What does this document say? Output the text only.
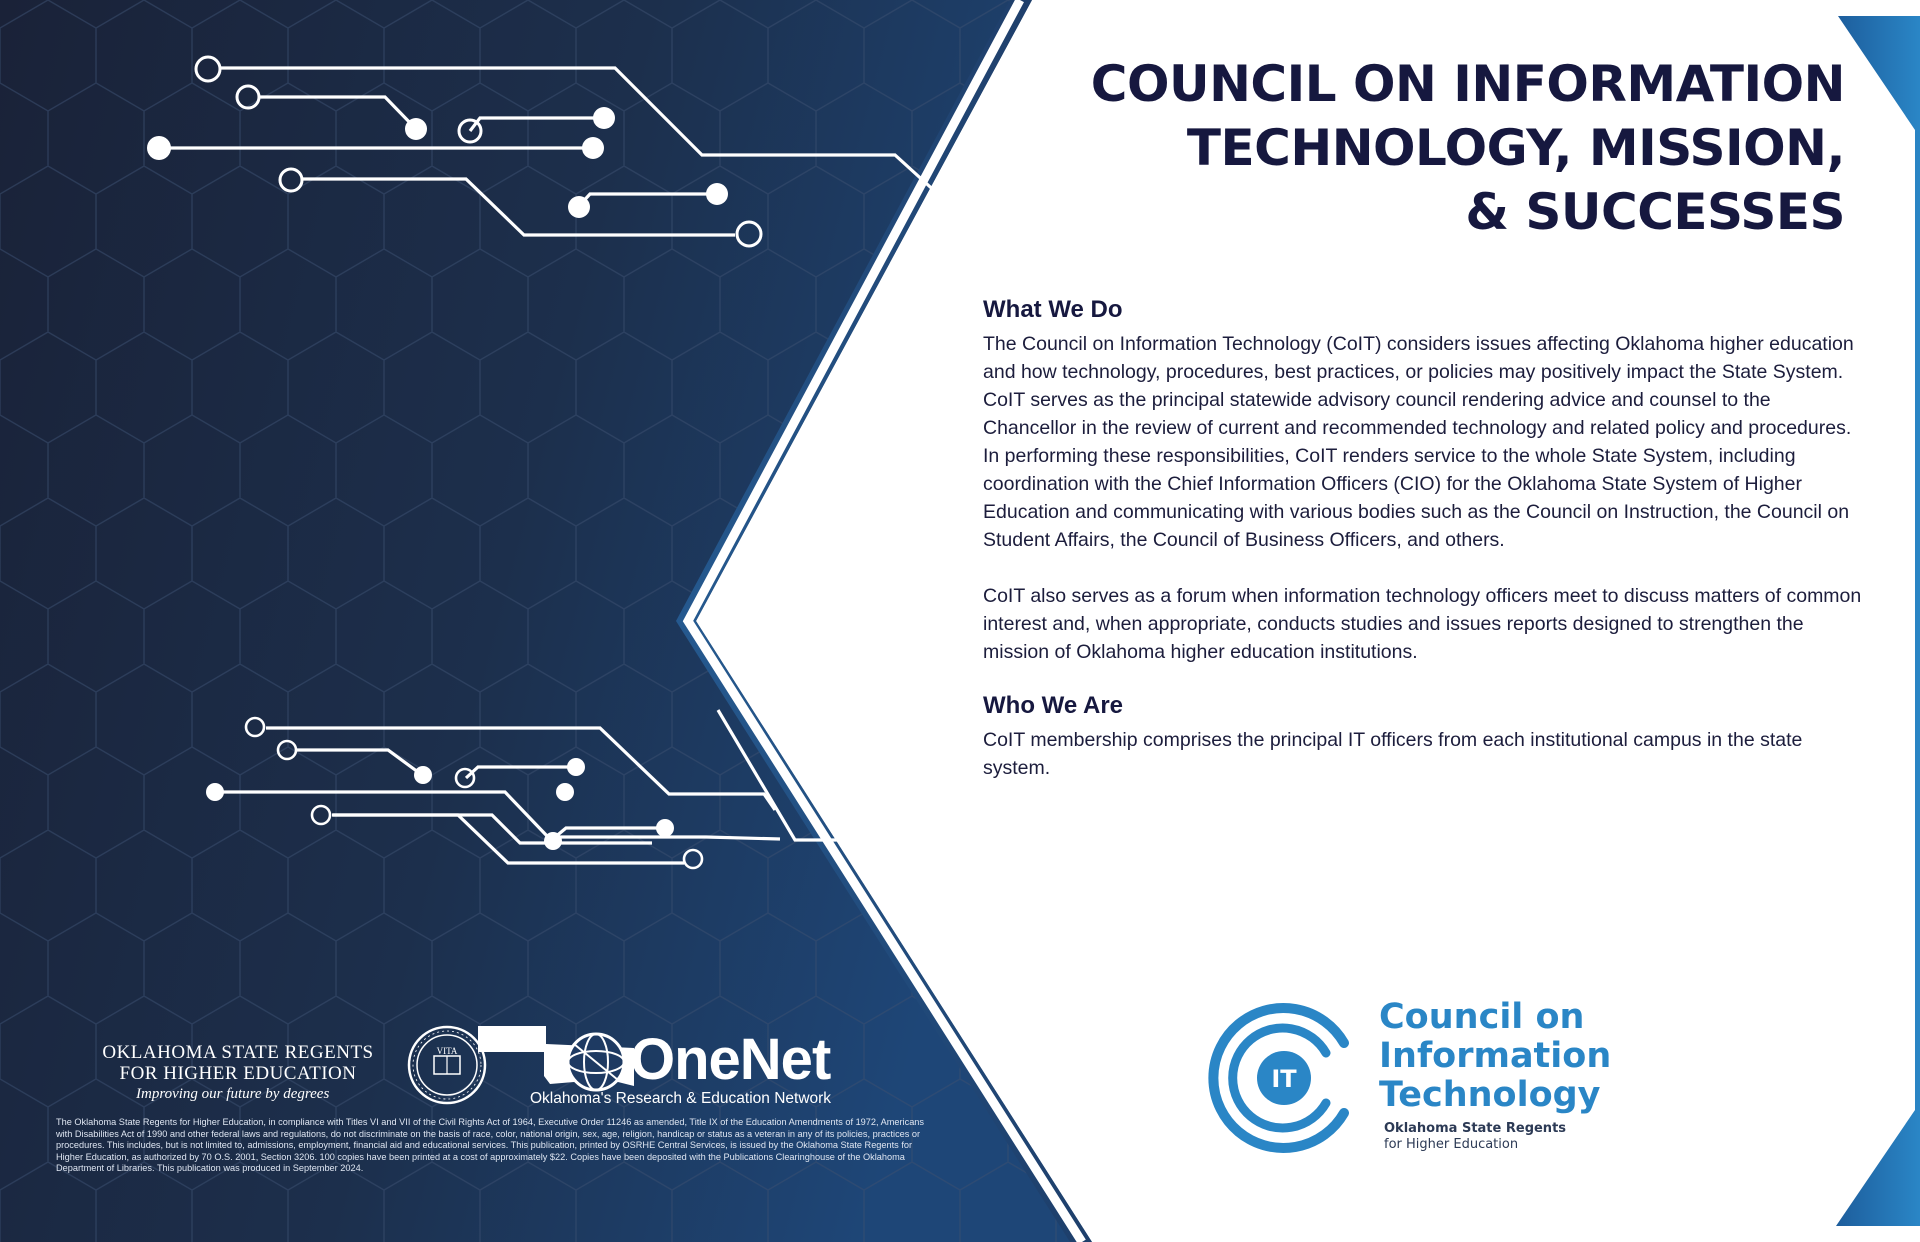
COUNCIL ON INFORMATION
TECHNOLOGY, MISSION,
& SUCCESSES
What We Do

The Council on Information Technology (CoIT) considers issues affecting Oklahoma higher education and how technology, procedures, best practices, or policies may positively impact the State System. CoIT serves as the principal statewide advisory council rendering advice and counsel to the Chancellor in the review of current and recommended technology and related policy and procedures. In performing these responsibilities, CoIT renders service to the whole State System, including coordination with the Chief Information Officers (CIO) for the Oklahoma State System of Higher Education and communicating with various bodies such as the Council on Instruction, the Council on Student Affairs, the Council of Business Officers, and others.

CoIT also serves as a forum when information technology officers meet to discuss matters of common interest and, when appropriate, conducts studies and issues reports designed to strengthen the mission of Oklahoma higher education institutions.

Who We Are

CoIT membership comprises the principal IT officers from each institutional campus in the state system.

OKLAHOMA STATE REGENTS
FOR HIGHER EDUCATION
Improving our future by degrees
VITA	OneNet
Oklahoma's Research & Education Network

The Oklahoma State Regents for Higher Education, in compliance with Titles VI and VII of the Civil Rights Act of 1964, Executive Order 11246 as amended, Title IX of the Education Amendments of 1972, Americans with Disabilities Act of 1990 and other federal laws and regulations, do not discriminate on the basis of race, color, national origin, sex, age, religion, handicap or status as a veteran in any of its policies, practices or procedures. This includes, but is not limited to, admissions, employment, financial aid and educational services. This publication, printed by OSRHE Central Services, is issued by the Oklahoma State Regents for Higher Education, as authorized by 70 O.S. 2001, Section 3206. 100 copies have been printed at a cost of approximately $22. Copies have been deposited with the Publications Clearinghouse of the Oklahoma Department of Libraries. This publication was produced in September 2024.

IT
Council on
Information
Technology
Oklahoma State Regents
for Higher Education
